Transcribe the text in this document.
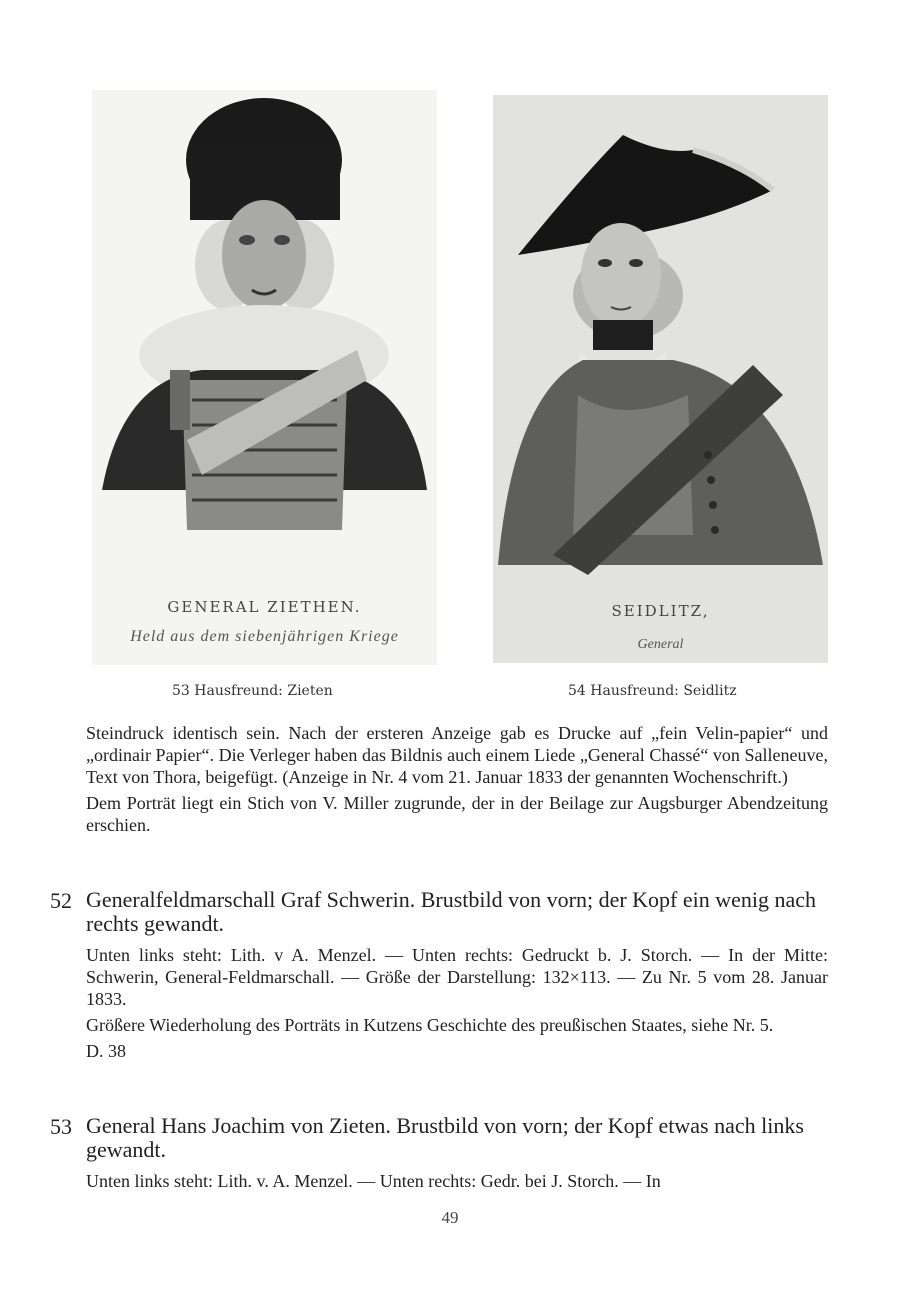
GENERAL ZIETHEN.
Held aus dem siebenjährigen Kriege
SEIDLITZ,
General
53 Hausfreund: Zieten	54 Hausfreund: Seidlitz

Steindruck identisch sein. Nach der ersteren Anzeige gab es Drucke auf „fein Velin-papier“ und „ordinair Papier“. Die Verleger haben das Bildnis auch einem Liede „General Chassé“ von Salleneuve, Text von Thora, beigefügt. (Anzeige in Nr. 4 vom 21. Januar 1833 der genannten Wochenschrift.)

Dem Porträt liegt ein Stich von V. Miller zugrunde, der in der Beilage zur Augsburger Abendzeitung erschien.

52 Generalfeldmarschall Graf Schwerin. Brustbild von vorn; der Kopf ein wenig nach rechts gewandt.

Unten links steht: Lith. v A. Menzel. — Unten rechts: Gedruckt b. J. Storch. — In der Mitte: Schwerin, General-Feldmarschall. — Größe der Darstellung: 132×113. — Zu Nr. 5 vom 28. Januar 1833.

Größere Wiederholung des Porträts in Kutzens Geschichte des preußischen Staates, siehe Nr. 5.

D. 38

53 General Hans Joachim von Zieten. Brustbild von vorn; der Kopf etwas nach links gewandt.

Unten links steht: Lith. v. A. Menzel. — Unten rechts: Gedr. bei J. Storch. — In

49
